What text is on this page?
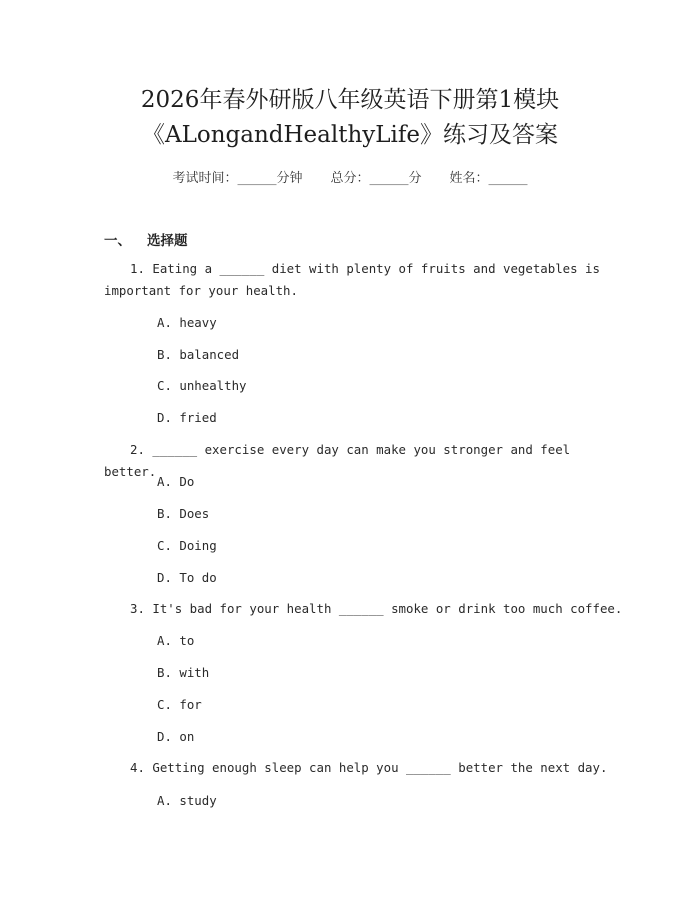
2026年春外研版八年级英语下册第1模块
《ALongandHealthyLife》练习及答案
考试时间：______分钟 总分：______分 姓名：______
一、 选择题
1. Eating a ______ diet with plenty of fruits and vegetables is important for your health.
A. heavy
B. balanced
C. unhealthy
D. fried
2. ______ exercise every day can make you stronger and feel better.
A. Do
B. Does
C. Doing
D. To do
3. It's bad for your health ______ smoke or drink too much coffee.
A. to
B. with
C. for
D. on
4. Getting enough sleep can help you ______ better the next day.
A. study
